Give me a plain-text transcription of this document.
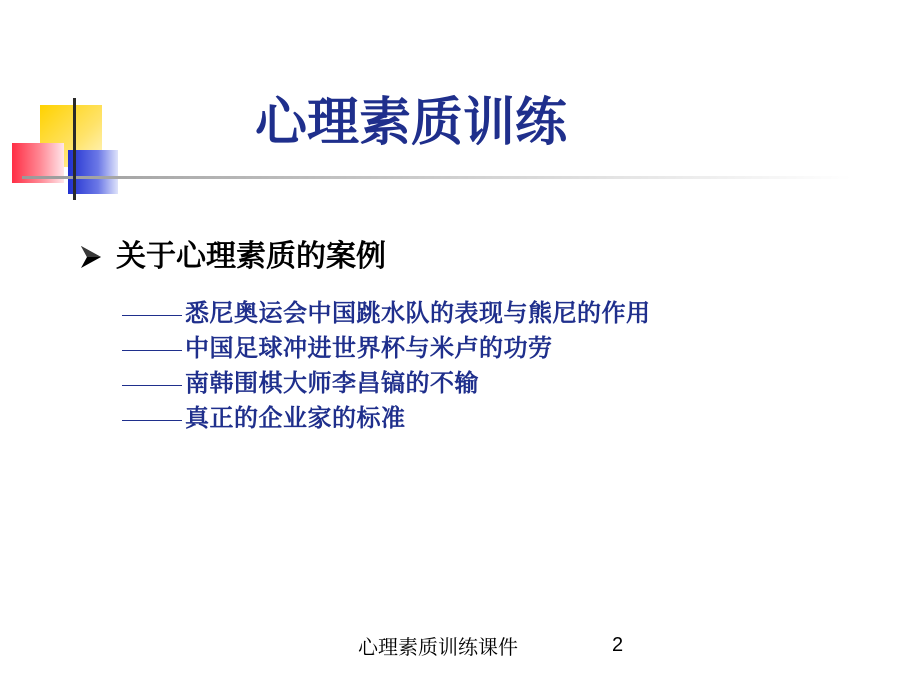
心理素质训练
关于心理素质的案例
悉尼奥运会中国跳水队的表现与熊尼的作用
中国足球冲进世界杯与米卢的功劳
南韩围棋大师李昌镐的不输
真正的企业家的标准
心理素质训练课件	2
